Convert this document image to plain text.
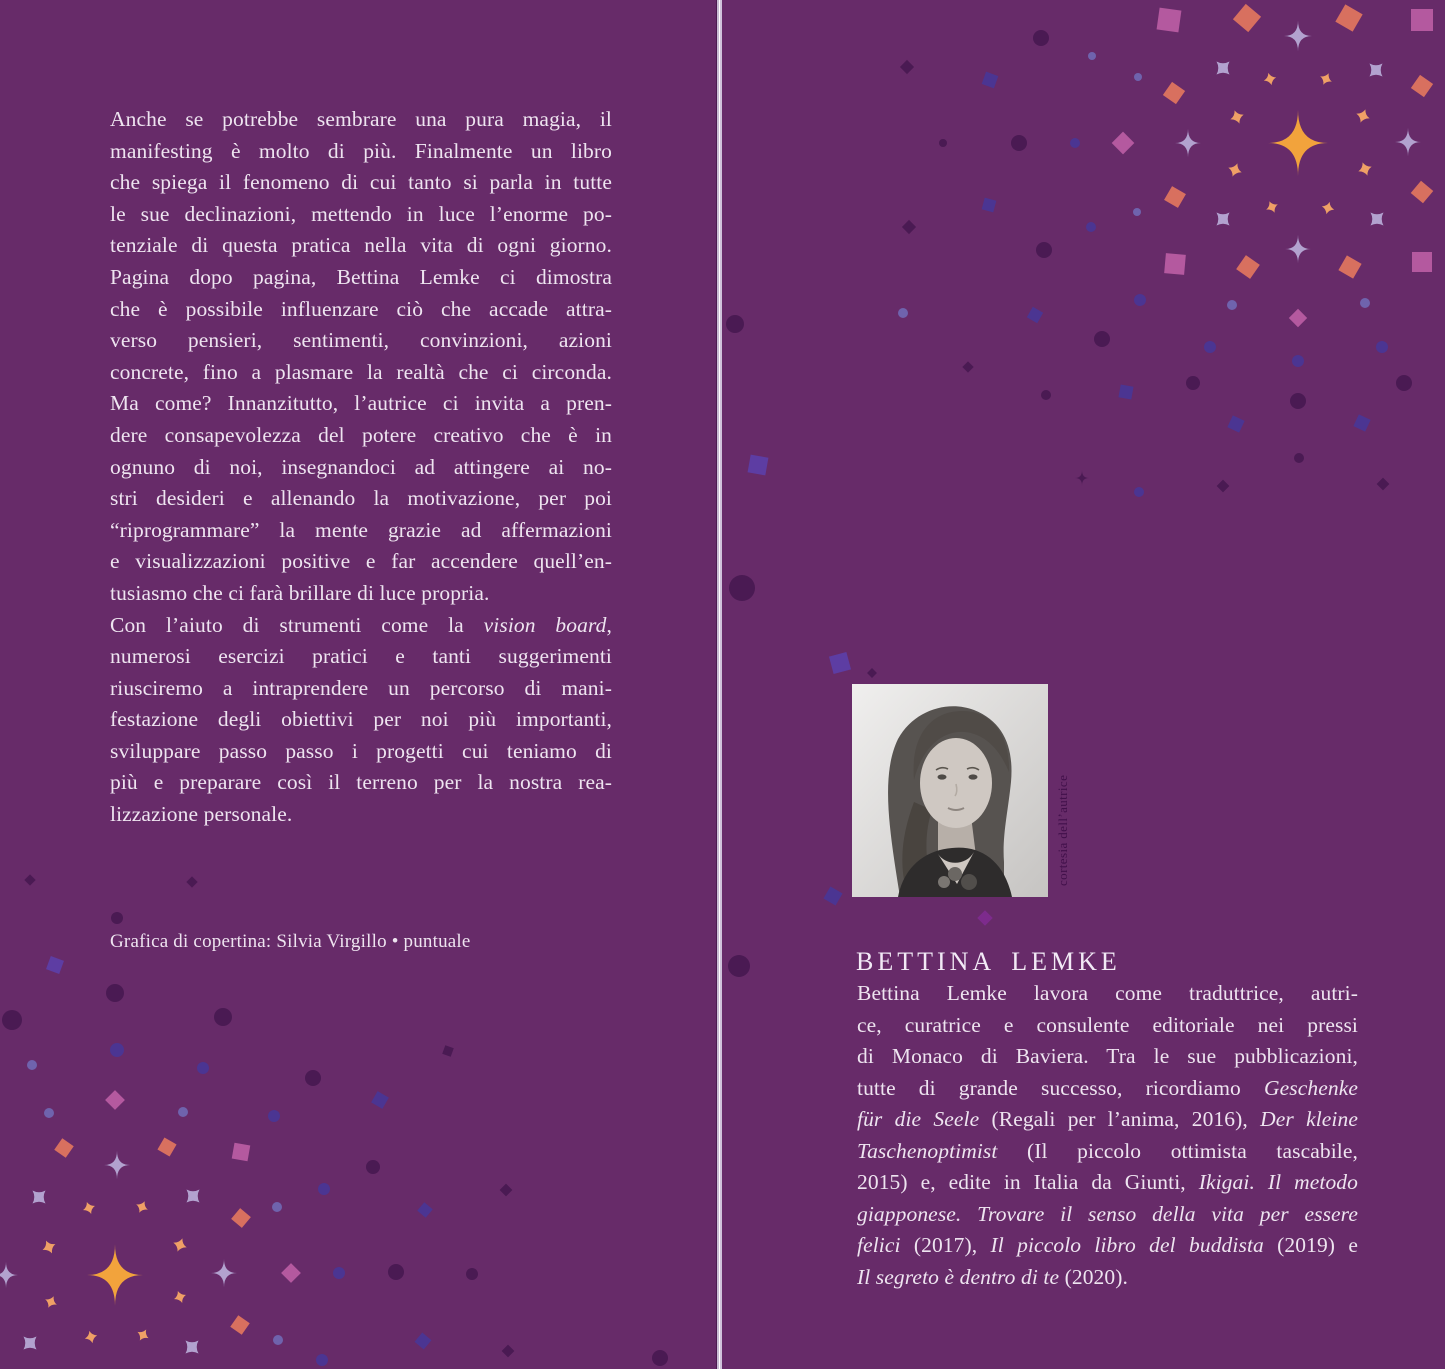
Anche se potrebbe sembrare una pura magia, il
manifesting è molto di più. Finalmente un libro
che spiega il fenomeno di cui tanto si parla in tutte
le sue declinazioni, mettendo in luce l’enorme po-
tenziale di questa pratica nella vita di ogni giorno.
Pagina dopo pagina, Bettina Lemke ci dimostra
che è possibile influenzare ciò che accade attra-
verso pensieri, sentimenti, convinzioni, azioni
concrete, fino a plasmare la realtà che ci circonda.
Ma come? Innanzitutto, l’autrice ci invita a pren-
dere consapevolezza del potere creativo che è in
ognuno di noi, insegnandoci ad attingere ai no-
stri desideri e allenando la motivazione, per poi
“riprogrammare” la mente grazie ad affermazioni
e visualizzazioni positive e far accendere quell’en-
tusiasmo che ci farà brillare di luce propria.
Con l’aiuto di strumenti come la vision board,
numerosi esercizi pratici e tanti suggerimenti
riusciremo a intraprendere un percorso di mani-
festazione degli obiettivi per noi più importanti,
sviluppare passo passo i progetti cui teniamo di
più e preparare così il terreno per la nostra rea-
lizzazione personale.
Grafica di copertina: Silvia Virgillo • puntuale
cortesia dell’autrice
BETTINA LEMKE
Bettina Lemke lavora come traduttrice, autri-
ce, curatrice e consulente editoriale nei pressi
di Monaco di Baviera. Tra le sue pubblicazioni,
tutte di grande successo, ricordiamo Geschenke
für die Seele (Regali per l’anima, 2016), Der kleine
Taschenoptimist (Il piccolo ottimista tascabile,
2015) e, edite in Italia da Giunti, Ikigai. Il metodo
giapponese. Trovare il senso della vita per essere
felici (2017), Il piccolo libro del buddista (2019) e
Il segreto è dentro di te (2020).
